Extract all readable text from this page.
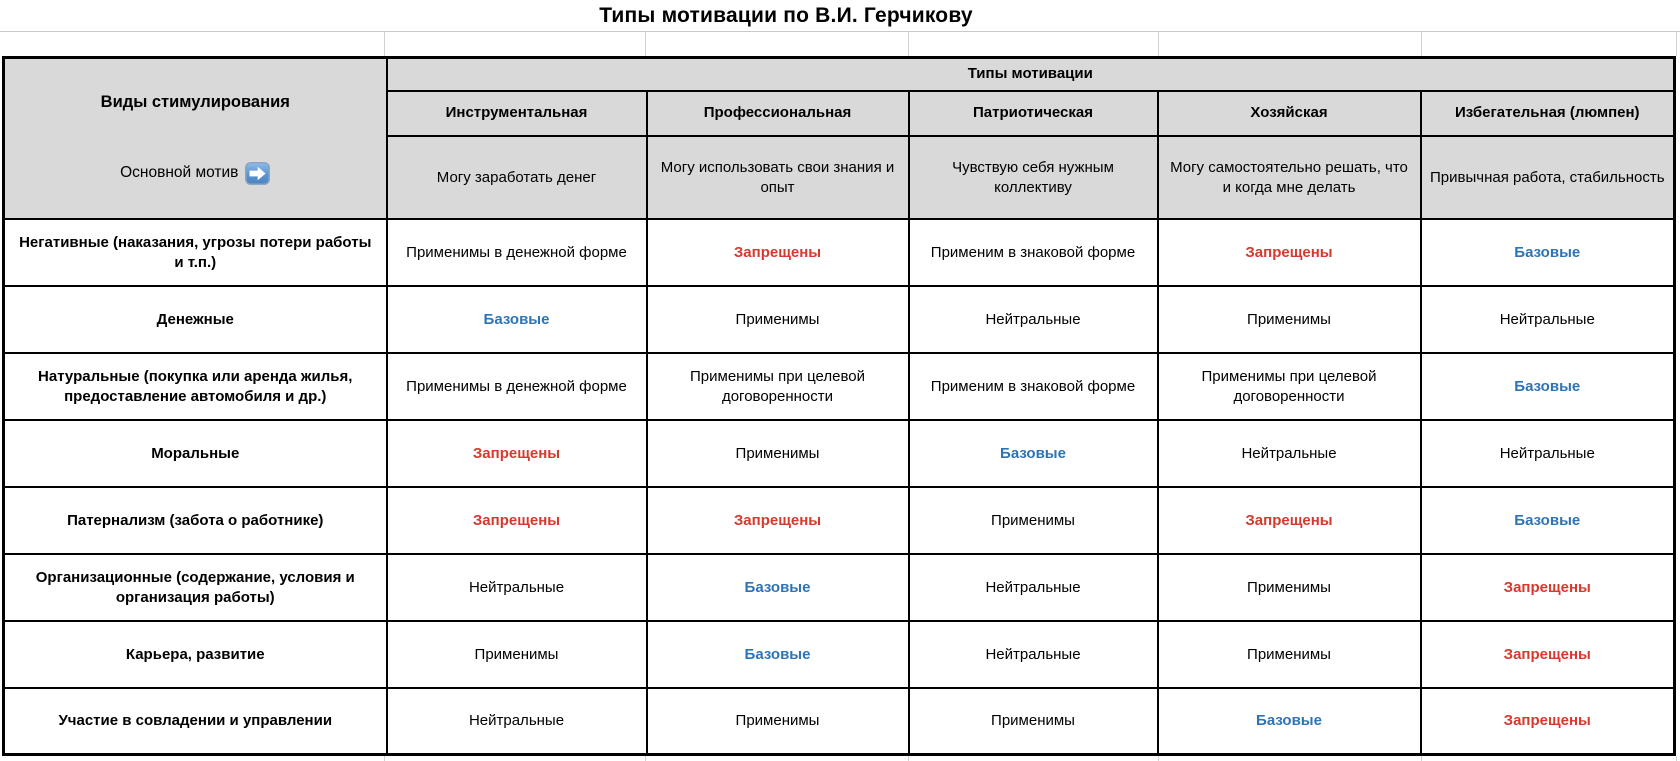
Типы мотивации по В.И. Герчикову
Виды стимулирования
Основной мотив	Типы мотивации				
	Инструментальная	Профессиональная	Патриотическая	Хозяйская	Избегательная (люмпен)
	Могу заработать денег	Могу использовать свои знания и опыт	Чувствую себя нужным коллективу	Могу самостоятельно решать, что и когда мне делать	Привычная работа, стабильность
Негативные (наказания, угрозы потери работы и т.п.)	Применимы в денежной форме	Запрещены	Применим в знаковой форме	Запрещены	Базовые
Денежные	Базовые	Применимы	Нейтральные	Применимы	Нейтральные
Натуральные (покупка или аренда жилья, предоставление автомобиля и др.)	Применимы в денежной форме	Применимы при целевой договоренности	Применим в знаковой форме	Применимы при целевой договоренности	Базовые
Моральные	Запрещены	Применимы	Базовые	Нейтральные	Нейтральные
Патернализм (забота о работнике)	Запрещены	Запрещены	Применимы	Запрещены	Базовые
Организационные (содержание, условия и организация работы)	Нейтральные	Базовые	Нейтральные	Применимы	Запрещены
Карьера, развитие	Применимы	Базовые	Нейтральные	Применимы	Запрещены
Участие в совладении и управлении	Нейтральные	Применимы	Применимы	Базовые	Запрещены
